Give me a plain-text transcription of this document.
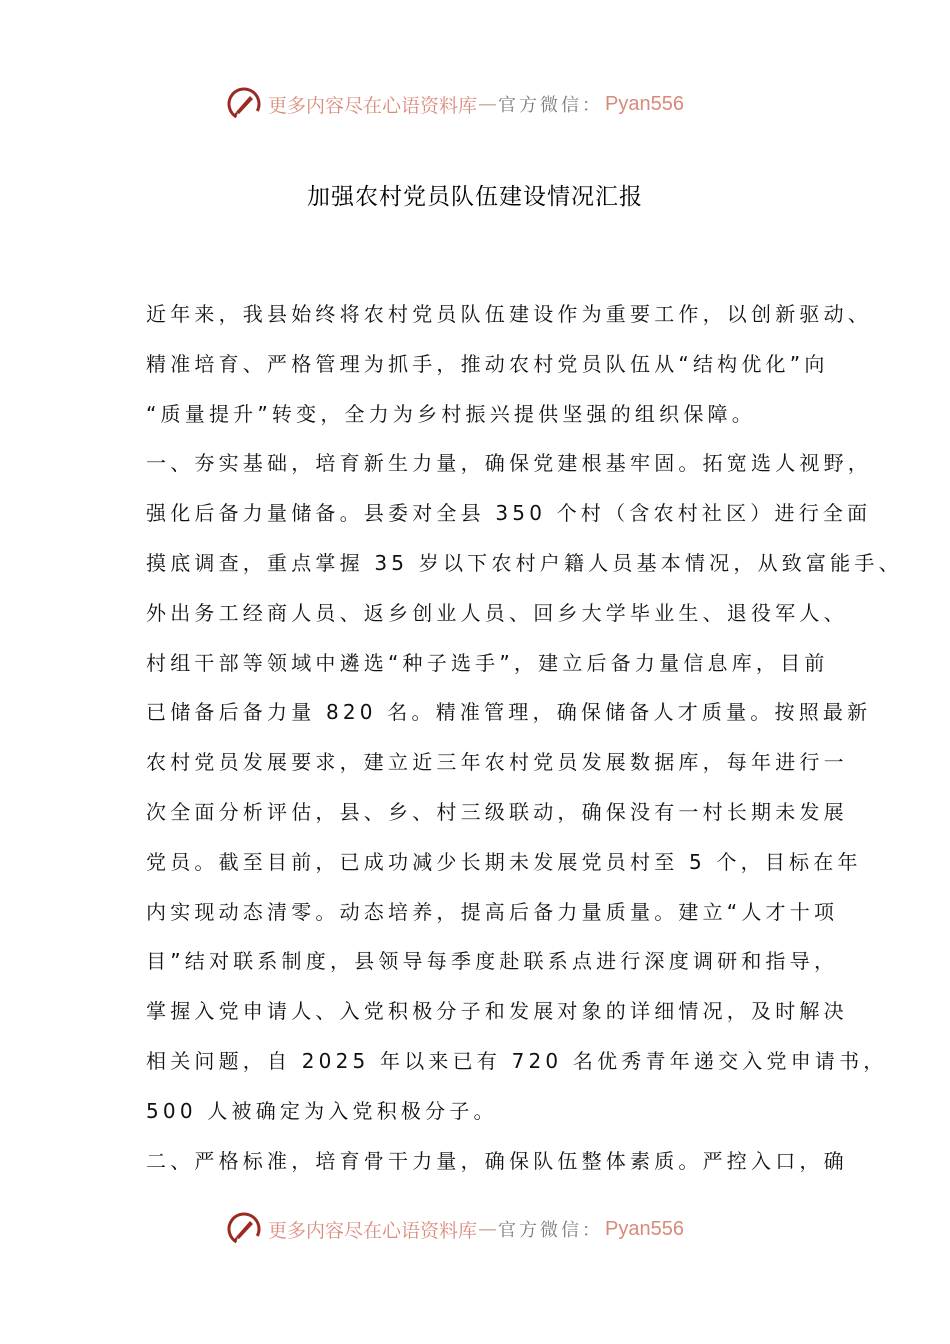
更多内容尽在心语资料库 — 官方微信： Pyan556
加强农村党员队伍建设情况汇报
近年来，我县始终将农村党员队伍建设作为重要工作，以创新驱动、
精准培育、严格管理为抓手，推动农村党员队伍从“结构优化”向
“质量提升”转变，全力为乡村振兴提供坚强的组织保障。
一、夯实基础，培育新生力量，确保党建根基牢固。拓宽选人视野，
强化后备力量储备。县委对全县 350 个村（含农村社区）进行全面
摸底调查，重点掌握 35 岁以下农村户籍人员基本情况，从致富能手、
外出务工经商人员、返乡创业人员、回乡大学毕业生、退役军人、
村组干部等领域中遴选“种子选手”，建立后备力量信息库，目前
已储备后备力量 820 名。精准管理，确保储备人才质量。按照最新
农村党员发展要求，建立近三年农村党员发展数据库，每年进行一
次全面分析评估，县、乡、村三级联动，确保没有一村长期未发展
党员。截至目前，已成功减少长期未发展党员村至 5 个，目标在年
内实现动态清零。动态培养，提高后备力量质量。建立“人才十项
目”结对联系制度，县领导每季度赴联系点进行深度调研和指导，
掌握入党申请人、入党积极分子和发展对象的详细情况，及时解决
相关问题，自 2025 年以来已有 720 名优秀青年递交入党申请书，
500 人被确定为入党积极分子。
二、严格标准，培育骨干力量，确保队伍整体素质。严控入口，确
更多内容尽在心语资料库 — 官方微信： Pyan556
